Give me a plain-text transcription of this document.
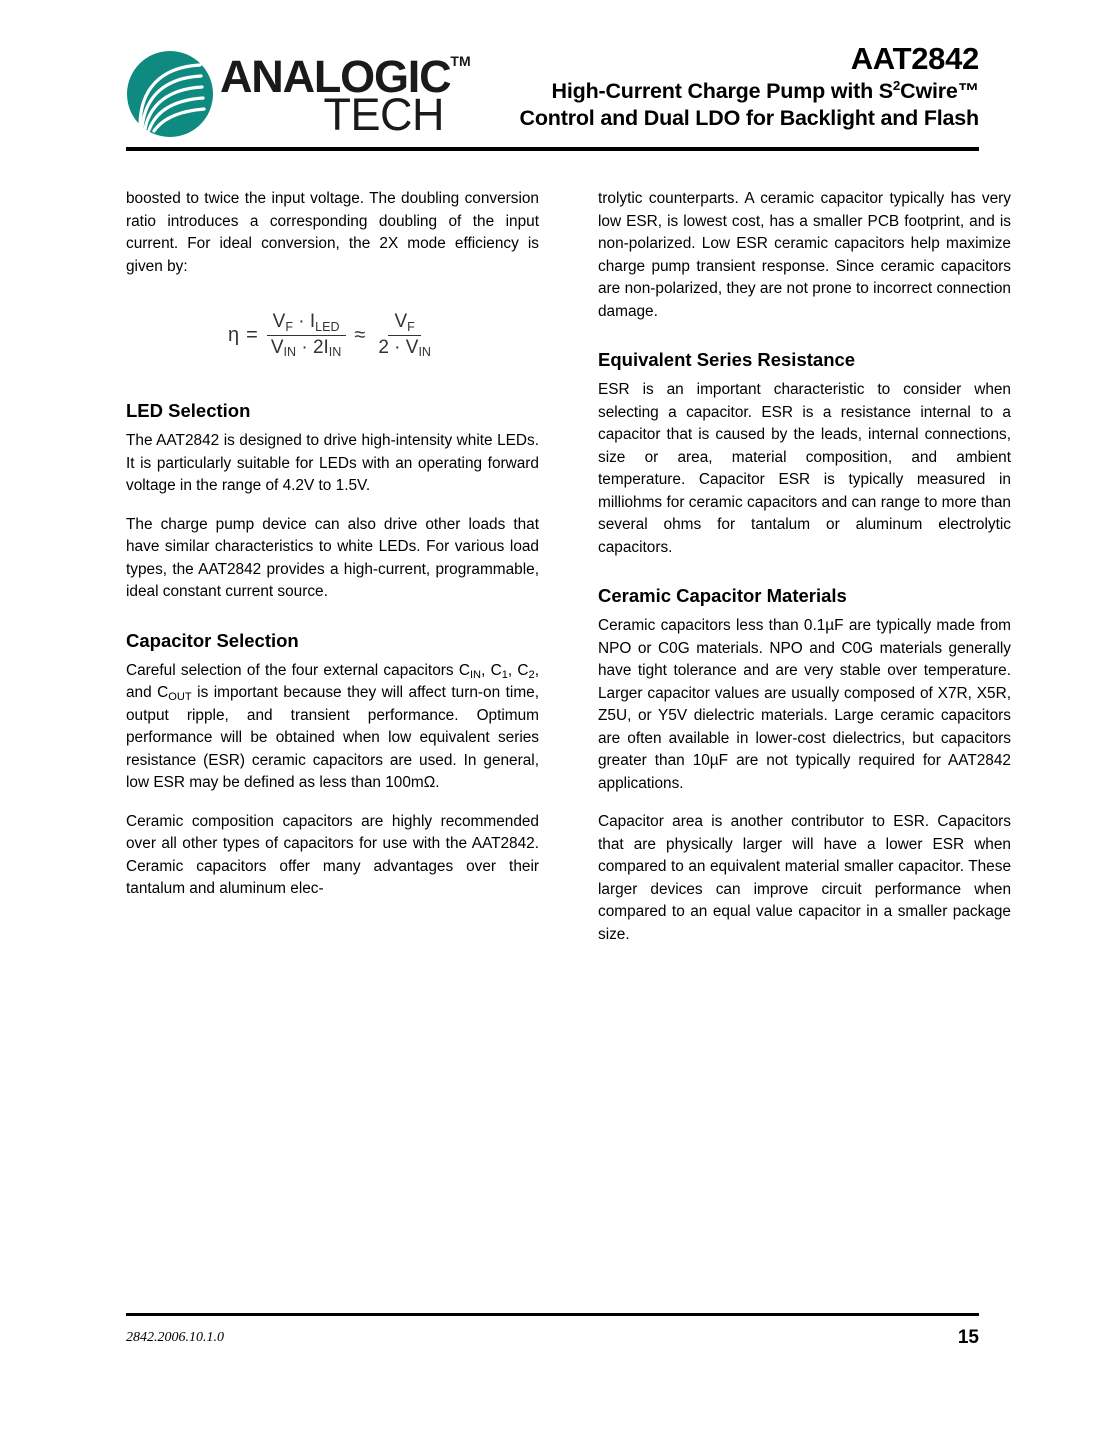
ANALOGIC™
TECH
AAT2842
High-Current Charge Pump with $S^2Cwire™$
Control and Dual LDO for Backlight and Flash

boosted to twice the input voltage. The doubling conversion ratio introduces a corresponding doubling of the input current. For ideal conversion, the 2X mode efficiency is given by:

$\eta = \frac{V_F \cdot I_{LED}}{V_{IN} \cdot 2I_{IN}} \approx \frac{V_F}{2 \cdot V_{IN}}$
LED Selection

The AAT2842 is designed to drive high-intensity white LEDs. It is particularly suitable for LEDs with an operating forward voltage in the range of 4.2V to 1.5V.

The charge pump device can also drive other loads that have similar characteristics to white LEDs. For various load types, the AAT2842 provides a high-current, programmable, ideal constant current source.

Capacitor Selection

Careful selection of the four external capacitors $C_{IN}$, $C_1$, $C_2$, and $C_{OUT}$ is important because they will affect turn-on time, output ripple, and transient performance. Optimum performance will be obtained when low equivalent series resistance (ESR) ceramic capacitors are used. In general, low ESR may be defined as less than 100mΩ.

Ceramic composition capacitors are highly recommended over all other types of capacitors for use with the AAT2842. Ceramic capacitors offer many advantages over their tantalum and aluminum elec-

trolytic counterparts. A ceramic capacitor typically has very low ESR, is lowest cost, has a smaller PCB footprint, and is non-polarized. Low ESR ceramic capacitors help maximize charge pump transient response. Since ceramic capacitors are non-polarized, they are not prone to incorrect connection damage.

Equivalent Series Resistance

ESR is an important characteristic to consider when selecting a capacitor. ESR is a resistance internal to a capacitor that is caused by the leads, internal connections, size or area, material composition, and ambient temperature. Capacitor ESR is typically measured in milliohms for ceramic capacitors and can range to more than several ohms for tantalum or aluminum electrolytic capacitors.

Ceramic Capacitor Materials

Ceramic capacitors less than 0.1µF are typically made from NPO or C0G materials. NPO and C0G materials generally have tight tolerance and are very stable over temperature. Larger capacitor values are usually composed of X7R, X5R, Z5U, or Y5V dielectric materials. Large ceramic capacitors are often available in lower-cost dielectrics, but capacitors greater than 10µF are not typically required for AAT2842 applications.

Capacitor area is another contributor to ESR. Capacitors that are physically larger will have a lower ESR when compared to an equivalent material smaller capacitor. These larger devices can improve circuit performance when compared to an equal value capacitor in a smaller package size.

2842.2006.10.1.0	15
